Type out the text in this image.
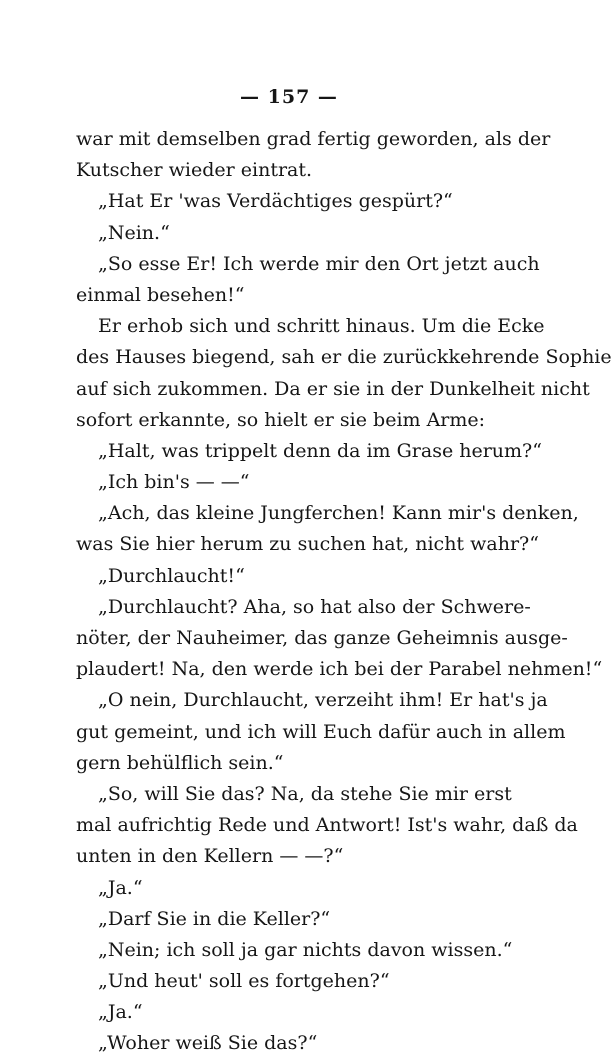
— 157 —
war mit demselben grad fertig geworden, als der
Kutscher wieder eintrat.
„Hat Er 'was Verdächtiges gespürt?“
„Nein.“
„So esse Er! Ich werde mir den Ort jetzt auch
einmal besehen!“
Er erhob sich und schritt hinaus. Um die Ecke
des Hauses biegend, sah er die zurückkehrende Sophie
auf sich zukommen. Da er sie in der Dunkelheit nicht
sofort erkannte, so hielt er sie beim Arme:
„Halt, was trippelt denn da im Grase herum?“
„Ich bin's — —“
„Ach, das kleine Jungferchen! Kann mir's denken,
was Sie hier herum zu suchen hat, nicht wahr?“
„Durchlaucht!“
„Durchlaucht? Aha, so hat also der Schwere-
nöter, der Nauheimer, das ganze Geheimnis ausge-
plaudert! Na, den werde ich bei der Parabel nehmen!“
„O nein, Durchlaucht, verzeiht ihm! Er hat's ja
gut gemeint, und ich will Euch dafür auch in allem
gern behülflich sein.“
„So, will Sie das? Na, da stehe Sie mir erst
mal aufrichtig Rede und Antwort! Ist's wahr, daß da
unten in den Kellern — —?“
„Ja.“
„Darf Sie in die Keller?“
„Nein; ich soll ja gar nichts davon wissen.“
„Und heut' soll es fortgehen?“
„Ja.“
„Woher weiß Sie das?“
